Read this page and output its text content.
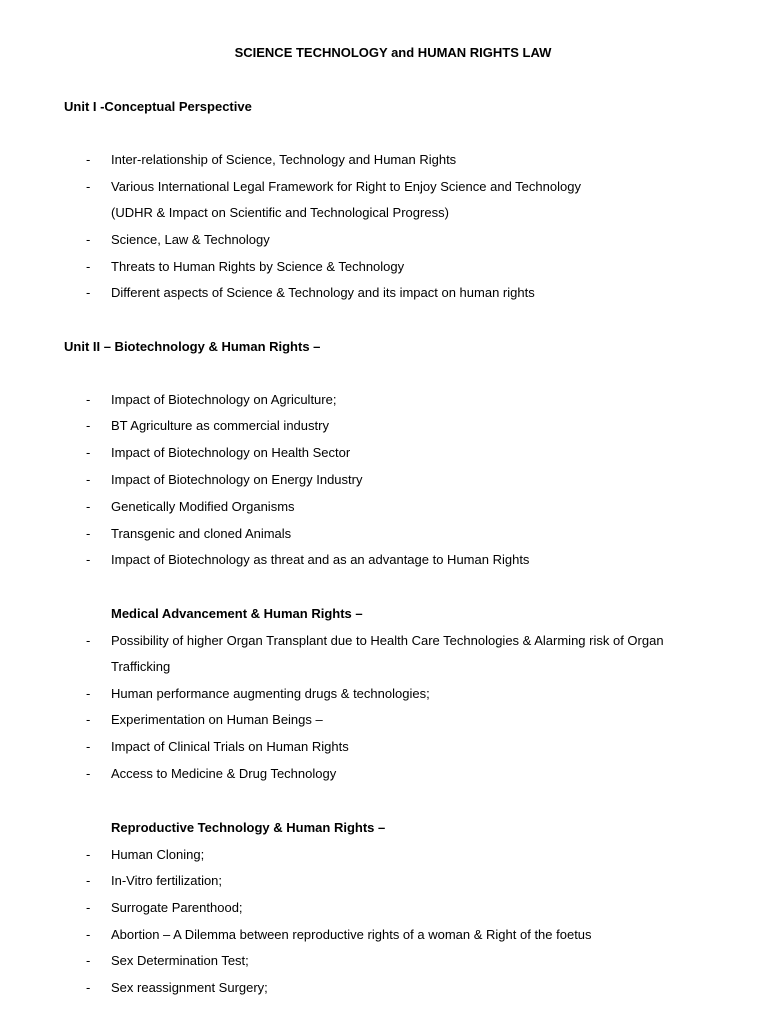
SCIENCE TECHNOLOGY and HUMAN RIGHTS LAW
Unit I -Conceptual Perspective
- Inter-relationship of Science, Technology and Human Rights
- Various International Legal Framework for Right to Enjoy Science and Technology
(UDHR & Impact on Scientific and Technological Progress)
- Science, Law & Technology
- Threats to Human Rights by Science & Technology
- Different aspects of Science & Technology and its impact on human rights
Unit II – Biotechnology & Human Rights –
- Impact of Biotechnology on Agriculture;
- BT Agriculture as commercial industry
- Impact of Biotechnology on Health Sector
- Impact of Biotechnology on Energy Industry
- Genetically Modified Organisms
- Transgenic and cloned Animals
- Impact of Biotechnology as threat and as an advantage to Human Rights
Medical Advancement & Human Rights –
- Possibility of higher Organ Transplant due to Health Care Technologies & Alarming risk of Organ
Trafficking
- Human performance augmenting drugs & technologies;
- Experimentation on Human Beings –
- Impact of Clinical Trials on Human Rights
- Access to Medicine & Drug Technology
Reproductive Technology & Human Rights –
- Human Cloning;
- In-Vitro fertilization;
- Surrogate Parenthood;
- Abortion – A Dilemma between reproductive rights of a woman & Right of the foetus
- Sex Determination Test;
- Sex reassignment Surgery;
